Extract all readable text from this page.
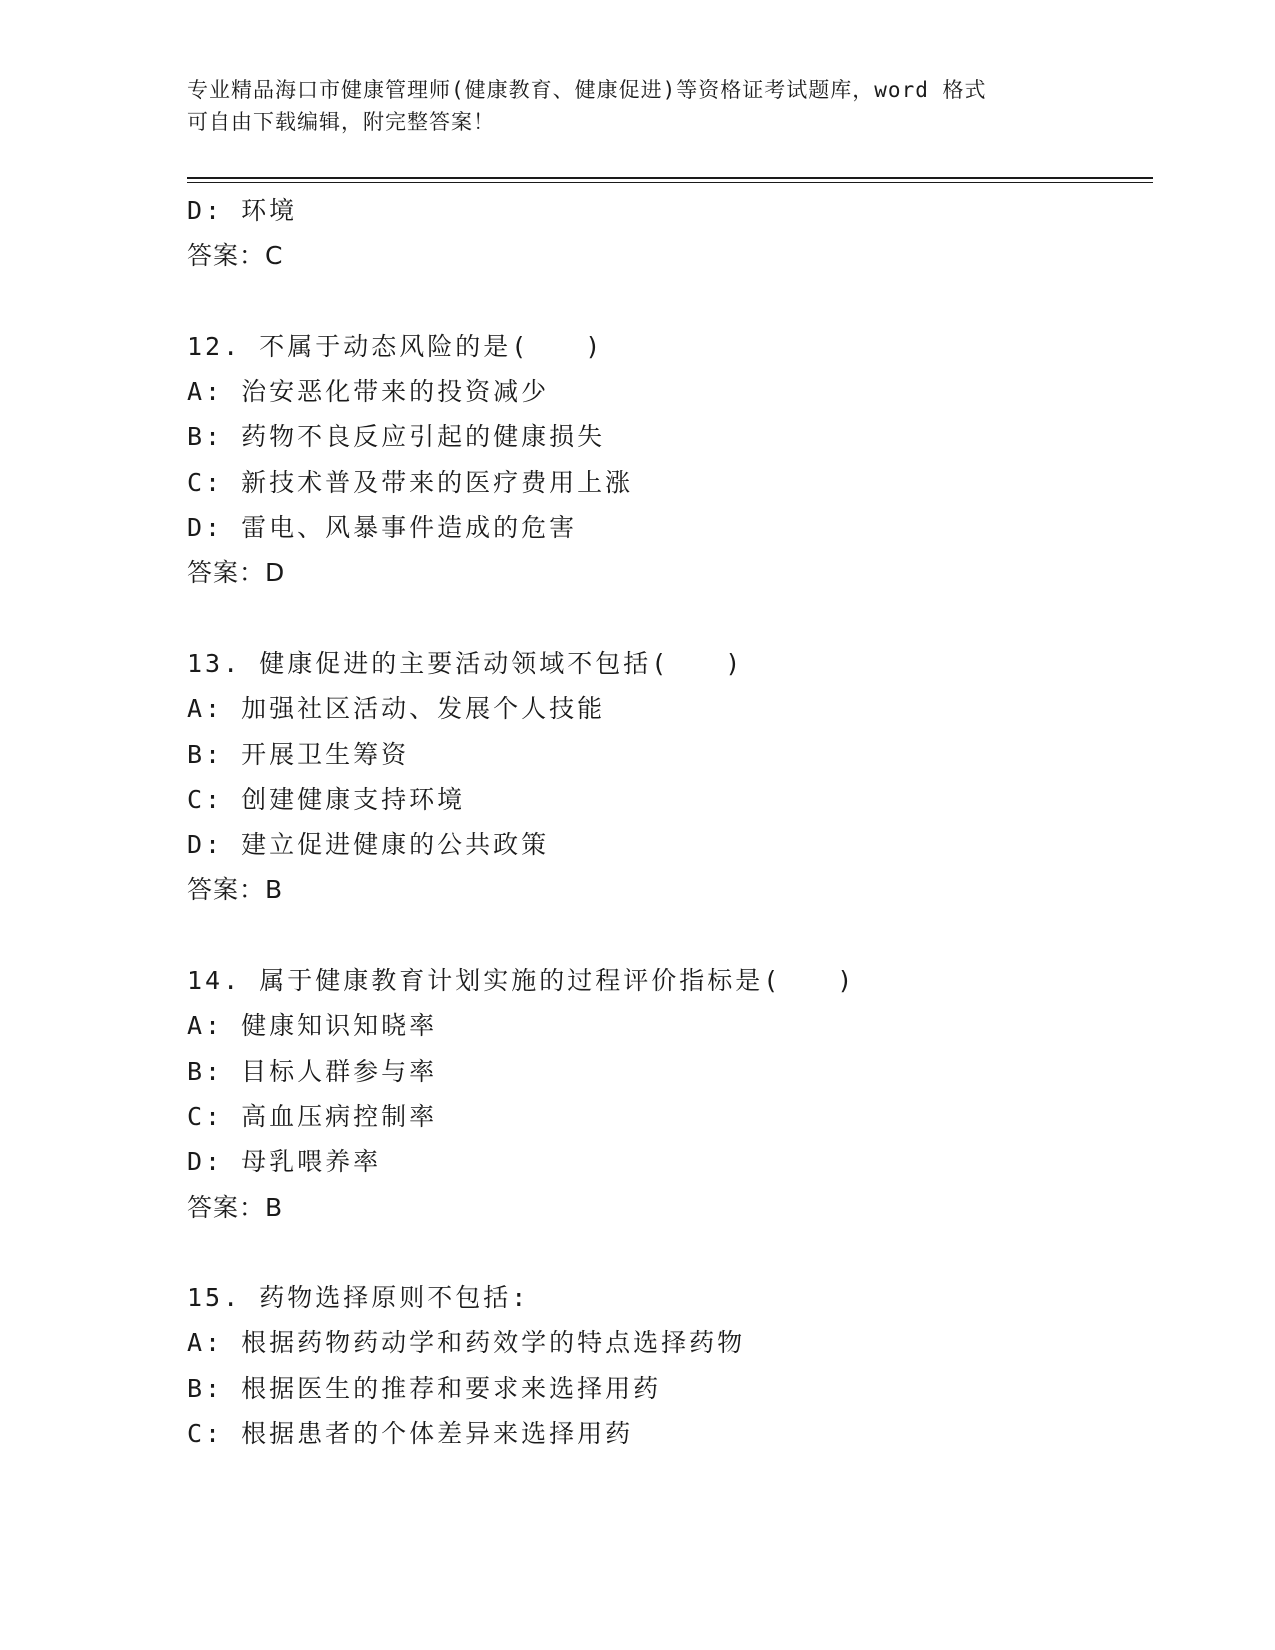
专业精品海口市健康管理师(健康教育、健康促进)等资格证考试题库，word 格式
可自由下载编辑，附完整答案！
D: 环境
答案：C
12. 不属于动态风险的是(　　)
A: 治安恶化带来的投资减少
B: 药物不良反应引起的健康损失
C: 新技术普及带来的医疗费用上涨
D: 雷电、风暴事件造成的危害
答案：D
13. 健康促进的主要活动领域不包括(　　)
A: 加强社区活动、发展个人技能
B: 开展卫生筹资
C: 创建健康支持环境
D: 建立促进健康的公共政策
答案：B
14. 属于健康教育计划实施的过程评价指标是(　　)
A: 健康知识知晓率
B: 目标人群参与率
C: 高血压病控制率
D: 母乳喂养率
答案：B
15. 药物选择原则不包括:
A: 根据药物药动学和药效学的特点选择药物
B: 根据医生的推荐和要求来选择用药
C: 根据患者的个体差异来选择用药
